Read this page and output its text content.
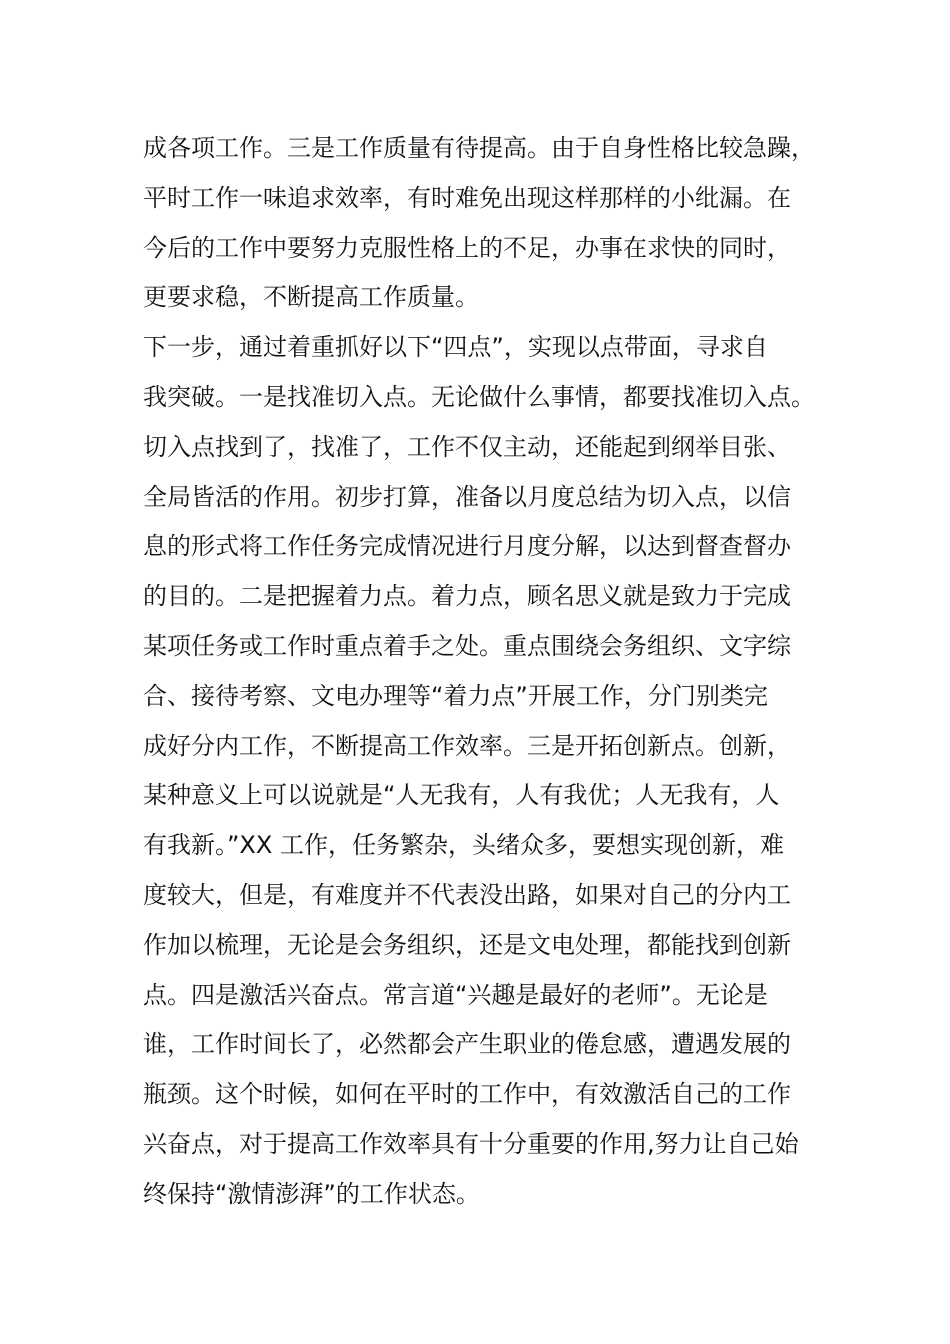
成各项工作。三是工作质量有待提高。由于自身性格比较急躁，
平时工作一味追求效率，有时难免出现这样那样的小纰漏。在
今后的工作中要努力克服性格上的不足，办事在求快的同时，
更要求稳，不断提高工作质量。
下一步，通过着重抓好以下“四点”，实现以点带面，寻求自
我突破。一是找准切入点。无论做什么事情，都要找准切入点。
切入点找到了，找准了，工作不仅主动，还能起到纲举目张、
全局皆活的作用。初步打算，准备以月度总结为切入点，以信
息的形式将工作任务完成情况进行月度分解，以达到督查督办
的目的。二是把握着力点。着力点，顾名思义就是致力于完成
某项任务或工作时重点着手之处。重点围绕会务组织、文字综
合、接待考察、文电办理等“着力点”开展工作，分门别类完
成好分内工作，不断提高工作效率。三是开拓创新点。创新，
某种意义上可以说就是“人无我有，人有我优；人无我有，人
有我新。”XX 工作，任务繁杂，头绪众多，要想实现创新，难
度较大，但是，有难度并不代表没出路，如果对自己的分内工
作加以梳理，无论是会务组织，还是文电处理，都能找到创新
点。四是激活兴奋点。常言道“兴趣是最好的老师”。无论是
谁，工作时间长了，必然都会产生职业的倦怠感，遭遇发展的
瓶颈。这个时候，如何在平时的工作中，有效激活自己的工作
兴奋点，对于提高工作效率具有十分重要的作用,努力让自己始
终保持“激情澎湃”的工作状态。
